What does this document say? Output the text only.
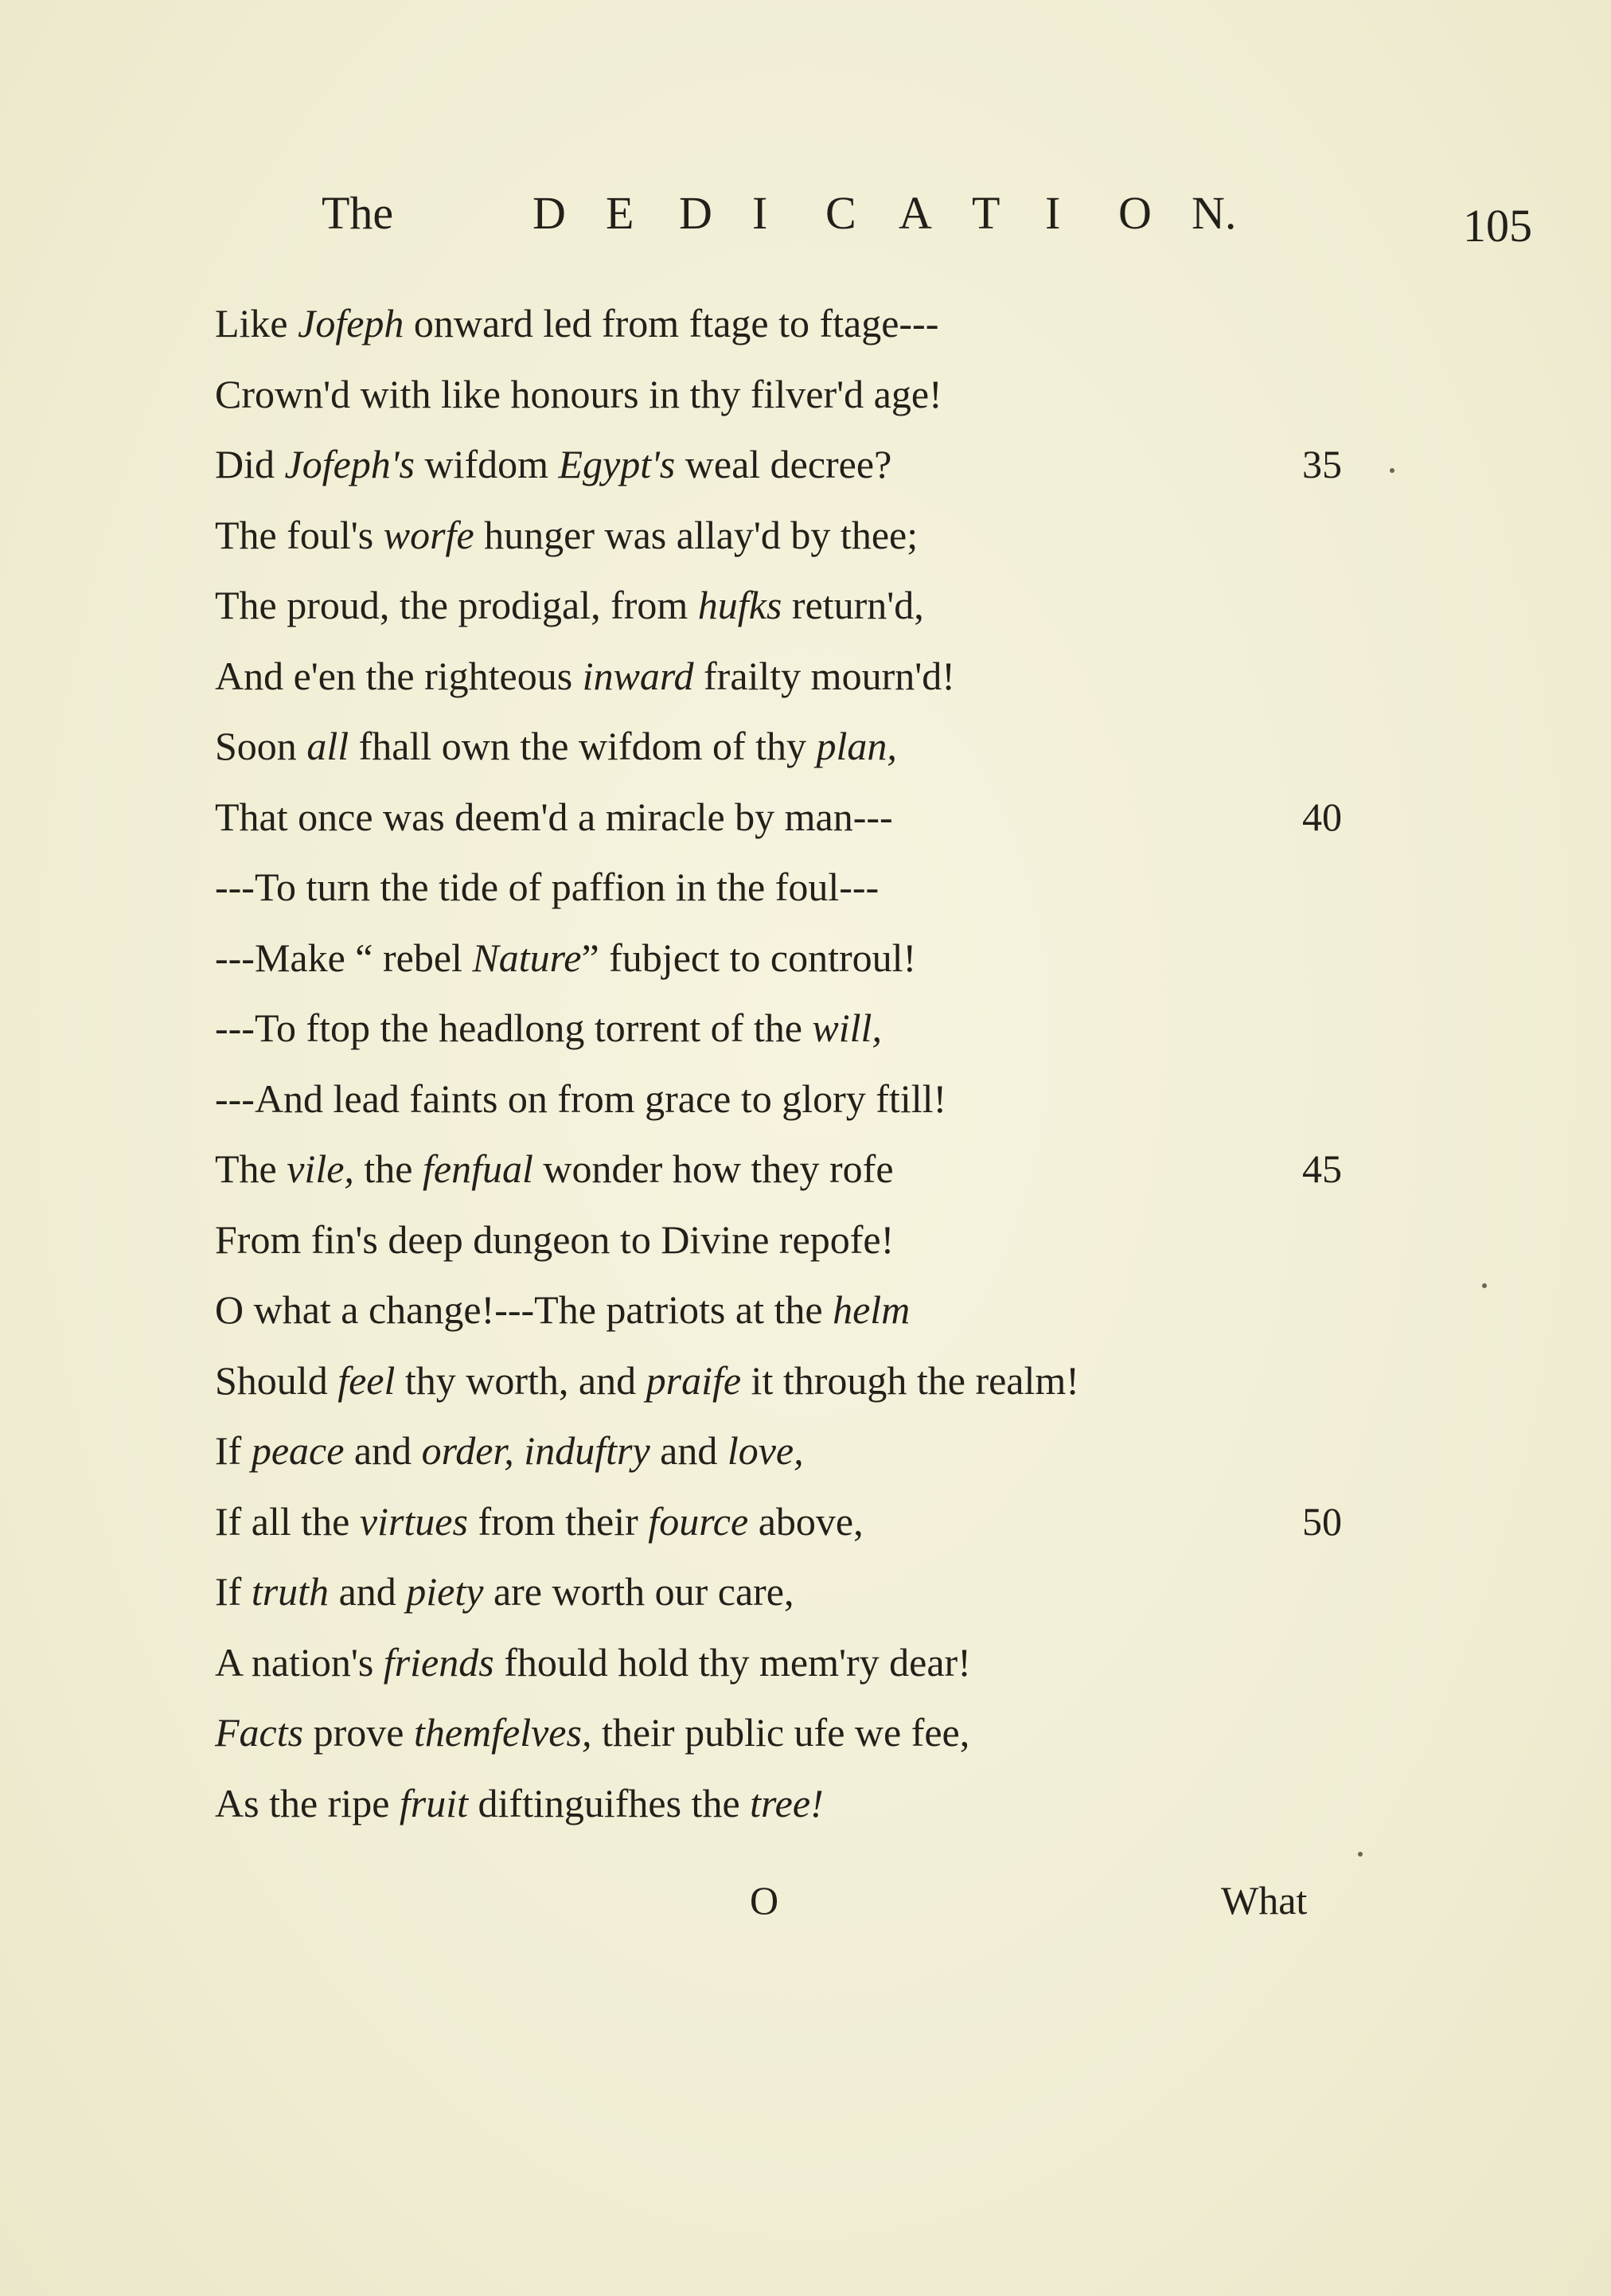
The	D E D I C A T I O N.	105
Like Jofeph onward led from ftage to ftage---
Crown'd with like honours in thy filver'd age!
Did Jofeph's wifdom Egypt's weal decree?	35
The foul's worfe hunger was allay'd by thee;
The proud, the prodigal, from hufks return'd,
And e'en the righteous inward frailty mourn'd!
Soon all fhall own the wifdom of thy plan,
That once was deem'd a miracle by man---	40
---To turn the tide of paffion in the foul---
---Make “ rebel Nature” fubject to controul!
---To ftop the headlong torrent of the will,
---And lead faints on from grace to glory ftill!
The vile, the fenfual wonder how they rofe	45
From fin's deep dungeon to Divine repofe!
O what a change!---The patriots at the helm
Should feel thy worth, and praife it through the realm!
If peace and order, induftry and love,
If all the virtues from their fource above,	50
If truth and piety are worth our care,
A nation's friends fhould hold thy mem'ry dear!
Facts prove themfelves, their public ufe we fee,
As the ripe fruit diftinguifhes the tree!
O	What
